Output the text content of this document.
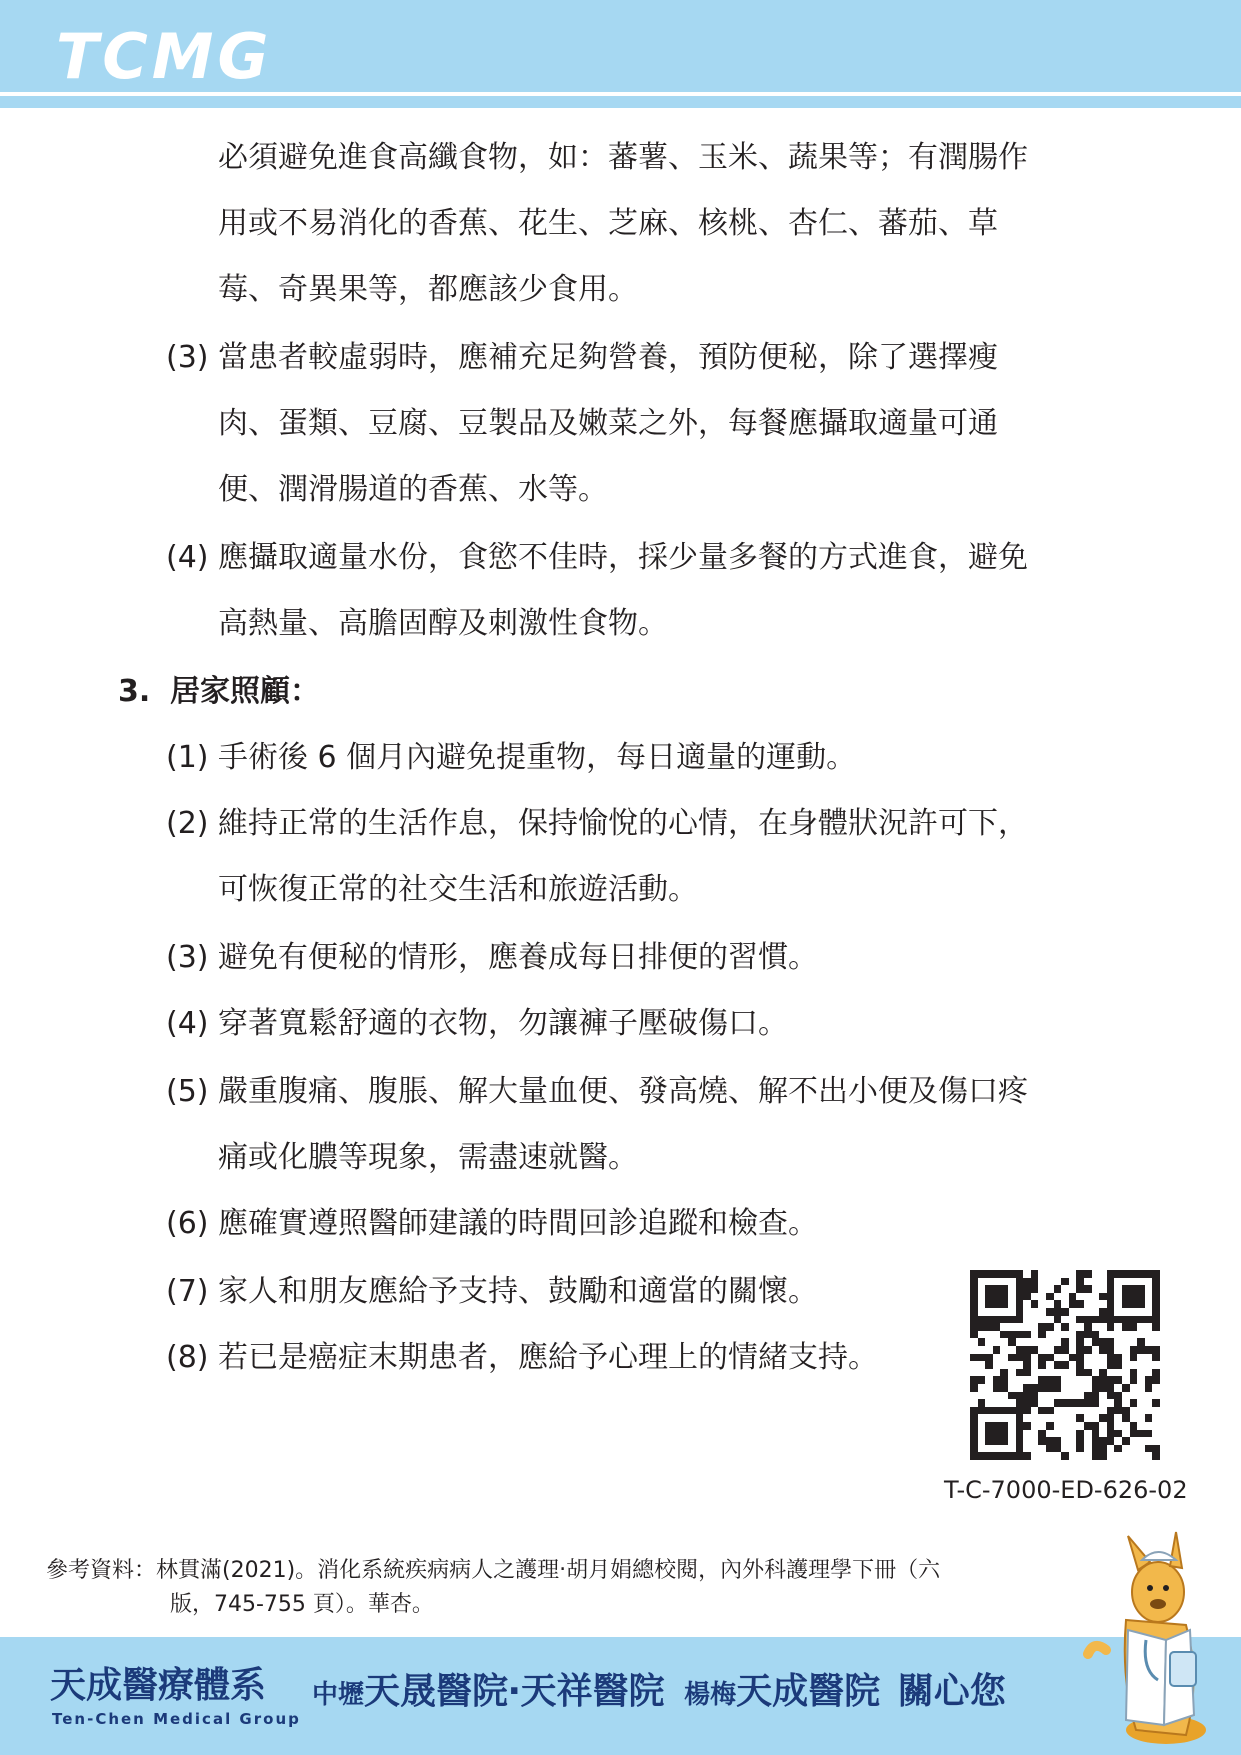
TCMG
必須避免進食高纖食物，如：蕃薯、玉米、蔬果等；有潤腸作
用或不易消化的香蕉、花生、芝麻、核桃、杏仁、蕃茄、草
莓、奇異果等，都應該少食用。
(3) 當患者較虛弱時，應補充足夠營養，預防便秘，除了選擇瘦
肉、蛋類、豆腐、豆製品及嫩菜之外，每餐應攝取適量可通
便、潤滑腸道的香蕉、水等。
(4) 應攝取適量水份，食慾不佳時，採少量多餐的方式進食，避免
高熱量、高膽固醇及刺激性食物。
3. 居家照顧：
(1) 手術後 6 個月內避免提重物，每日適量的運動。
(2) 維持正常的生活作息，保持愉悅的心情，在身體狀況許可下，
可恢復正常的社交生活和旅遊活動。
(3) 避免有便秘的情形，應養成每日排便的習慣。
(4) 穿著寬鬆舒適的衣物，勿讓褲子壓破傷口。
(5) 嚴重腹痛、腹脹、解大量血便、發高燒、解不出小便及傷口疼
痛或化膿等現象，需盡速就醫。
(6) 應確實遵照醫師建議的時間回診追蹤和檢查。
(7) 家人和朋友應給予支持、鼓勵和適當的關懷。
(8) 若已是癌症末期患者，應給予心理上的情緒支持。
T-C-7000-ED-626-02
參考資料：林貫滿(2021)。消化系統疾病病人之護理‧胡月娟總校閱，內外科護理學下冊（六
版，745-755 頁）。華杏。
天成醫療體系
Ten-Chen Medical Group
中壢天晟醫院‧天祥醫院 楊梅天成醫院 關心您
